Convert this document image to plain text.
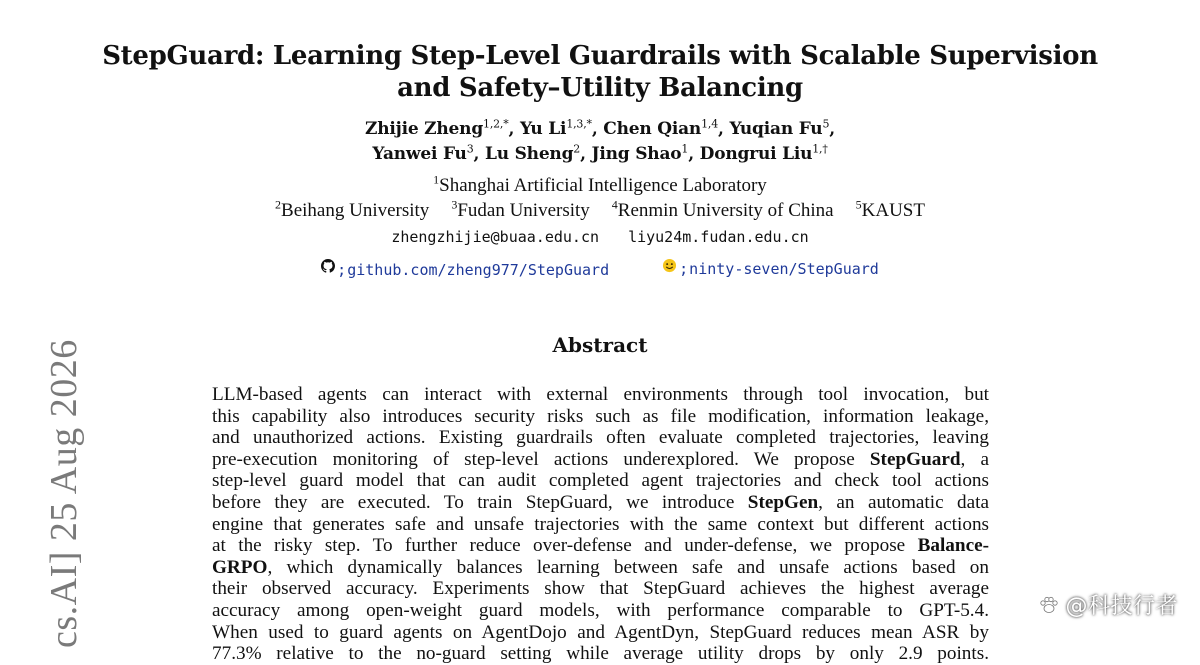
StepGuard: Learning Step-Level Guardrails with Scalable Supervision
and Safety–Utility Balancing
Zhijie Zheng$^{1,2,*}$, Yu $Li^{1,3,*}$, Chen Qian$^{1,4}$, Yuqian Fu$^5$,
Yanwei Fu$^3$, Lu Sheng$^2$, Jing Shao$^1$, Dongrui Liu$^{1,\dagger}$
$^1$Shanghai Artificial Intelligence Laboratory
$^2$Beihang University $^3$Fudan University $^4$Renmin University of China $^5$KAUST
zhengzhijie@buaa.edu.cn liyu24m.fudan.edu.cn
; github.com/zheng977/StepGuard
	; ninty-seven/StepGuard
Abstract
LLM-based agents can interact with external environments through tool invocation, but
this capability also introduces security risks such as file modification, information leakage,
and unauthorized actions. Existing guardrails often evaluate completed trajectories, leaving
pre-execution monitoring of step-level actions underexplored. We propose StepGuard, a
step-level guard model that can audit completed agent trajectories and check tool actions
before they are executed. To train StepGuard, we introduce StepGen, an automatic data
engine that generates safe and unsafe trajectories with the same context but different actions
at the risky step. To further reduce over-defense and under-defense, we propose Balance-
GRPO, which dynamically balances learning between safe and unsafe actions based on
their observed accuracy. Experiments show that StepGuard achieves the highest average
accuracy among open-weight guard models, with performance comparable to GPT-5.4.
When used to guard agents on AgentDojo and AgentDyn, StepGuard reduces mean ASR by
77.3% relative to the no-guard setting while average utility drops by only 2.9 points.
cs.AI] 25 Aug 2026	@科技行者
